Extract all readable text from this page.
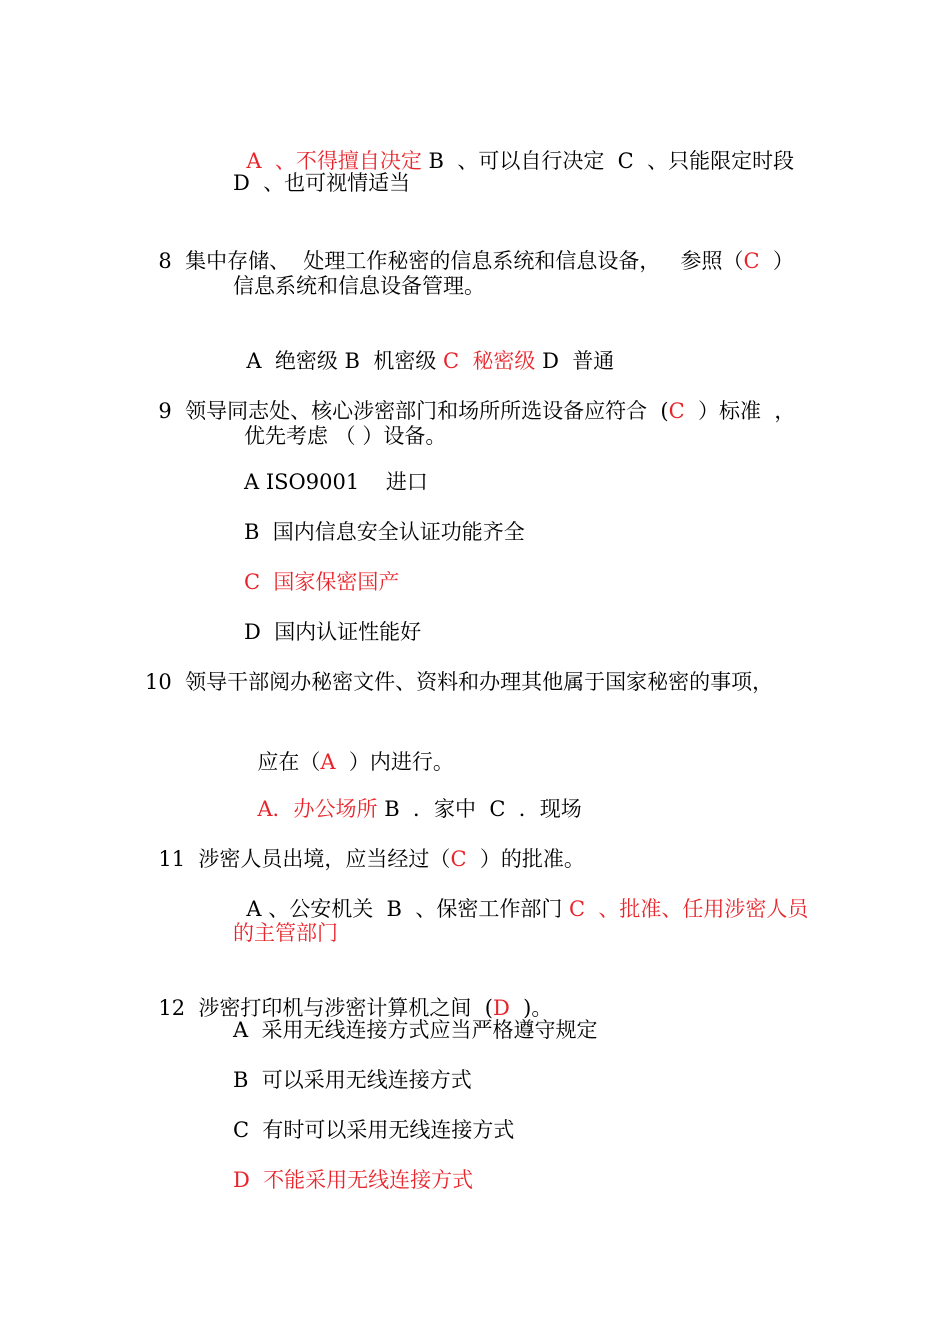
A  、不得擅自决定 B  、可以自行决定  C  、只能限定时段

D  、也可视情适当

8  集中存储、  处理工作秘密的信息系统和信息设备，   参照（C  ）

信息系统和信息设备管理。

A  绝密级 B  机密级 C  秘密级 D  普通

9  领导同志处、核心涉密部门和场所所选设备应符合  (C  ）标准  ，

优先考虑 （ ）设备。
A ISO9001    进口
B  国内信息安全认证功能齐全
C  国家保密国产
D  国内认证性能好
10  领导干部阅办秘密文件、资料和办理其他属于国家秘密的事项，

应在（A  ）内进行。

A．办公场所 B  ．家中  C  ．现场

11  涉密人员出境，应当经过（C  ）的批准。

A 、公安机关  B  、保密工作部门 C  、批准、任用涉密人员

的主管部门

12  涉密打印机与涉密计算机之间  (D  )。

A  采用无线连接方式应当严格遵守规定
B  可以采用无线连接方式
C  有时可以采用无线连接方式
D  不能采用无线连接方式
